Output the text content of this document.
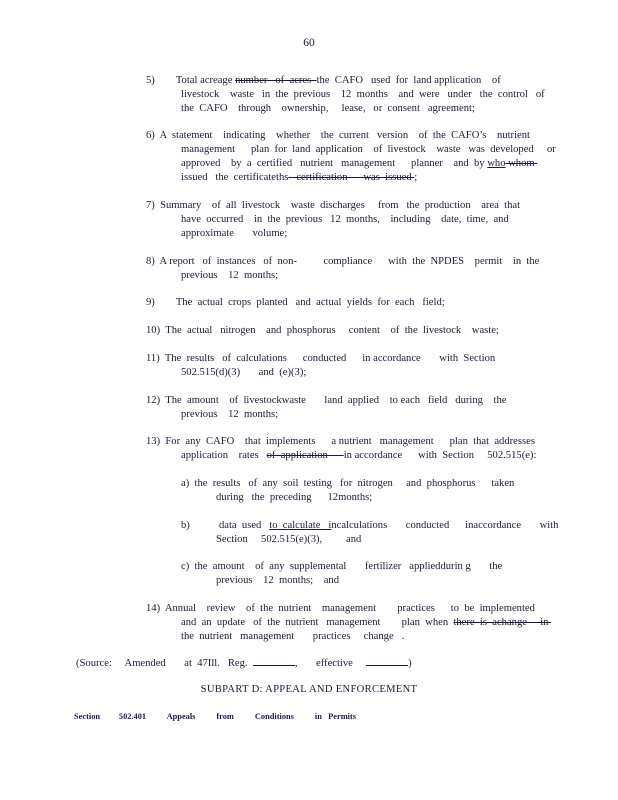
60
5)        Total acreage number   of  acres  the  CAFO   used  for  land application    of
livestock    waste   in  the  previous    12  months    and  were   under   the  control   of
the  CAFO    through    ownership,     lease,   or  consent   agreement;
6)  A  statement    indicating    whether    the  current   version    of  the  CAFO’s    nutrient
management      plan  for  land  application    of  livestock    waste   was  developed     or
approved    by  a  certified   nutrient   management      planner    and  by who whom
issued   the  certificateths   certification      was  issued ;
7)  Summary    of  all  livestock    waste  discharges     from   the  production    area  that
have  occurred    in  the  previous   12  months,    including    date,  time,  and
approximate       volume;
8)  A report   of  instances   of  non-          compliance      with  the  NPDES    permit    in  the
previous    12  months;
9)        The  actual  crops  planted   and  actual  yields  for  each   field;
10)  The  actual   nitrogen    and  phosphorus     content    of  the  livestock    waste;
11)  The  results   of  calculations      conducted      in accordance       with  Section
502.515(d)(3)       and  (e)(3);
12)  The  amount    of  livestockwaste       land  applied    to each   field   during    the
previous    12  months;
13)  For  any  CAFO    that  implements      a nutrient   management      plan  that  addresses
application    rates   of  application      in accordance      with  Section     502.515(e):
a)  the  results   of  any  soil  testing   for  nitrogen     and  phosphorus      taken
during   the  preceding      12months;
b)           data  used   to  calculate   incalculations       conducted      inaccordance       with
Section     502.515(e)(3),         and
c)  the  amount    of  any  supplemental       fertilizer   applieddurin g       the
previous    12  months;    and
14)  Annual    review    of  the  nutrient    management        practices      to  be  implemented
and  an  update   of  the  nutrient   management        plan  when  there  is  achange     in
the  nutrient   management       practices     change   .
(Source:     Amended       at  47Ill.   Reg.	,       effective	)
SUBPART D: APPEAL AND ENFORCEMENT
Section         502.401          Appeals          from          Conditions          in   Permits
